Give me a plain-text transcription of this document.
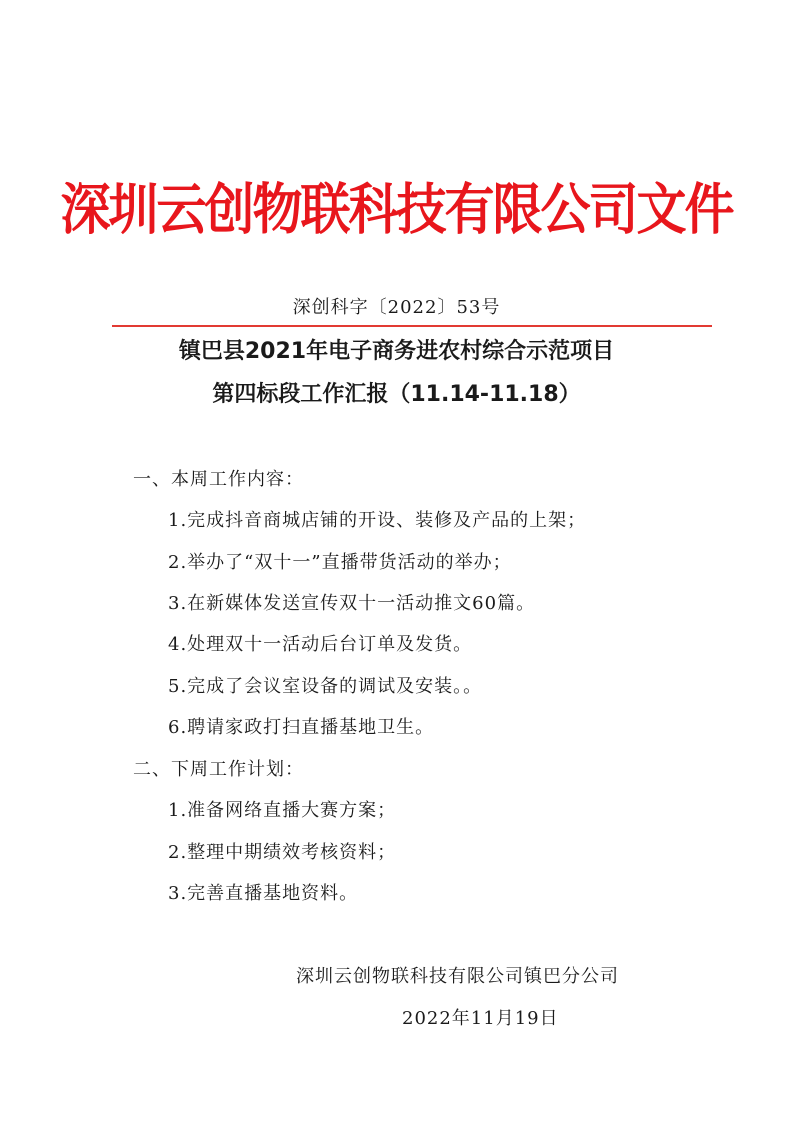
深圳云创物联科技有限公司文件
深创科字〔2022〕53号
镇巴县2021年电子商务进农村综合示范项目
第四标段工作汇报（11.14-11.18）
一、本周工作内容：
1.完成抖音商城店铺的开设、装修及产品的上架；
2.举办了“双十一”直播带货活动的举办；
3.在新媒体发送宣传双十一活动推文60篇。
4.处理双十一活动后台订单及发货。
5.完成了会议室设备的调试及安装。。
6.聘请家政打扫直播基地卫生。
二、下周工作计划：
1.准备网络直播大赛方案；
2.整理中期绩效考核资料；
3.完善直播基地资料。
深圳云创物联科技有限公司镇巴分公司
2022年11月19日
